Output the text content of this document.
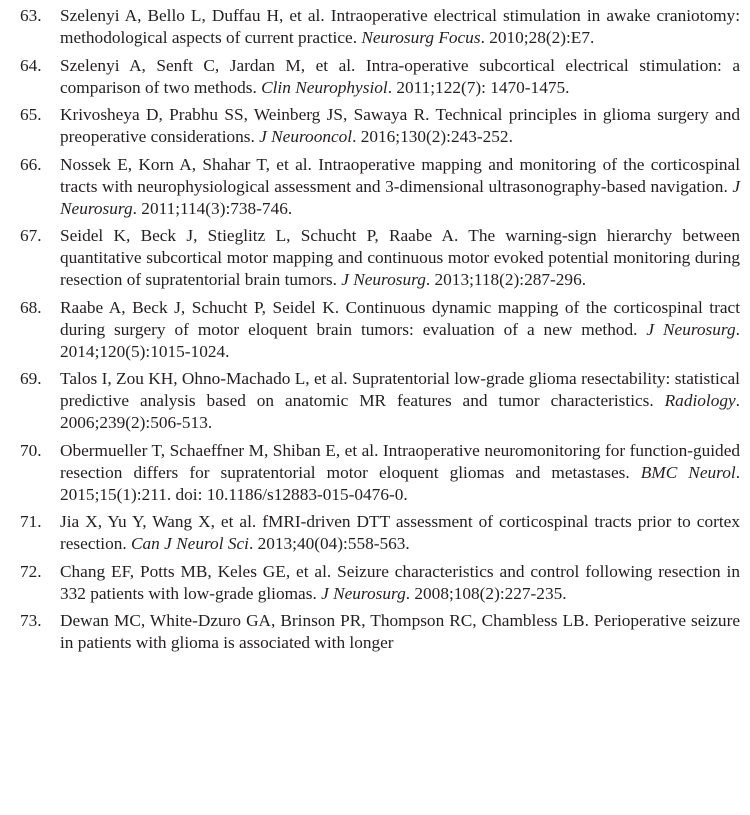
63. Szelenyi A, Bello L, Duffau H, et al. Intraoperative electrical stimulation in awake craniotomy: methodological aspects of current practice. Neurosurg Focus. 2010;28(2):E7.
64. Szelenyi A, Senft C, Jardan M, et al. Intra-operative subcortical electrical stimulation: a comparison of two methods. Clin Neurophysiol. 2011;122(7): 1470-1475.
65. Krivosheya D, Prabhu SS, Weinberg JS, Sawaya R. Technical principles in glioma surgery and preoperative considerations. J Neurooncol. 2016;130(2):243-252.
66. Nossek E, Korn A, Shahar T, et al. Intraoperative mapping and monitoring of the corticospinal tracts with neurophysiological assessment and 3-dimensional ultrasonography-based navigation. J Neurosurg. 2011;114(3):738-746.
67. Seidel K, Beck J, Stieglitz L, Schucht P, Raabe A. The warning-sign hierarchy between quantitative subcortical motor mapping and continuous motor evoked potential monitoring during resection of supratentorial brain tumors. J Neurosurg. 2013;118(2):287-296.
68. Raabe A, Beck J, Schucht P, Seidel K. Continuous dynamic mapping of the corticospinal tract during surgery of motor eloquent brain tumors: evaluation of a new method. J Neurosurg. 2014;120(5):1015-1024.
69. Talos I, Zou KH, Ohno-Machado L, et al. Supratentorial low-grade glioma resectability: statistical predictive analysis based on anatomic MR features and tumor characteristics. Radiology. 2006;239(2):506-513.
70. Obermueller T, Schaeffner M, Shiban E, et al. Intraoperative neuromonitoring for function-guided resection differs for supratentorial motor eloquent gliomas and metastases. BMC Neurol. 2015;15(1):211. doi: 10.1186/s12883-015-0476-0.
71. Jia X, Yu Y, Wang X, et al. fMRI-driven DTT assessment of corticospinal tracts prior to cortex resection. Can J Neurol Sci. 2013;40(04):558-563.
72. Chang EF, Potts MB, Keles GE, et al. Seizure characteristics and control following resection in 332 patients with low-grade gliomas. J Neurosurg. 2008;108(2):227-235.
73. Dewan MC, White-Dzuro GA, Brinson PR, Thompson RC, Chambless LB. Perioperative seizure in patients with glioma is associated with longer
